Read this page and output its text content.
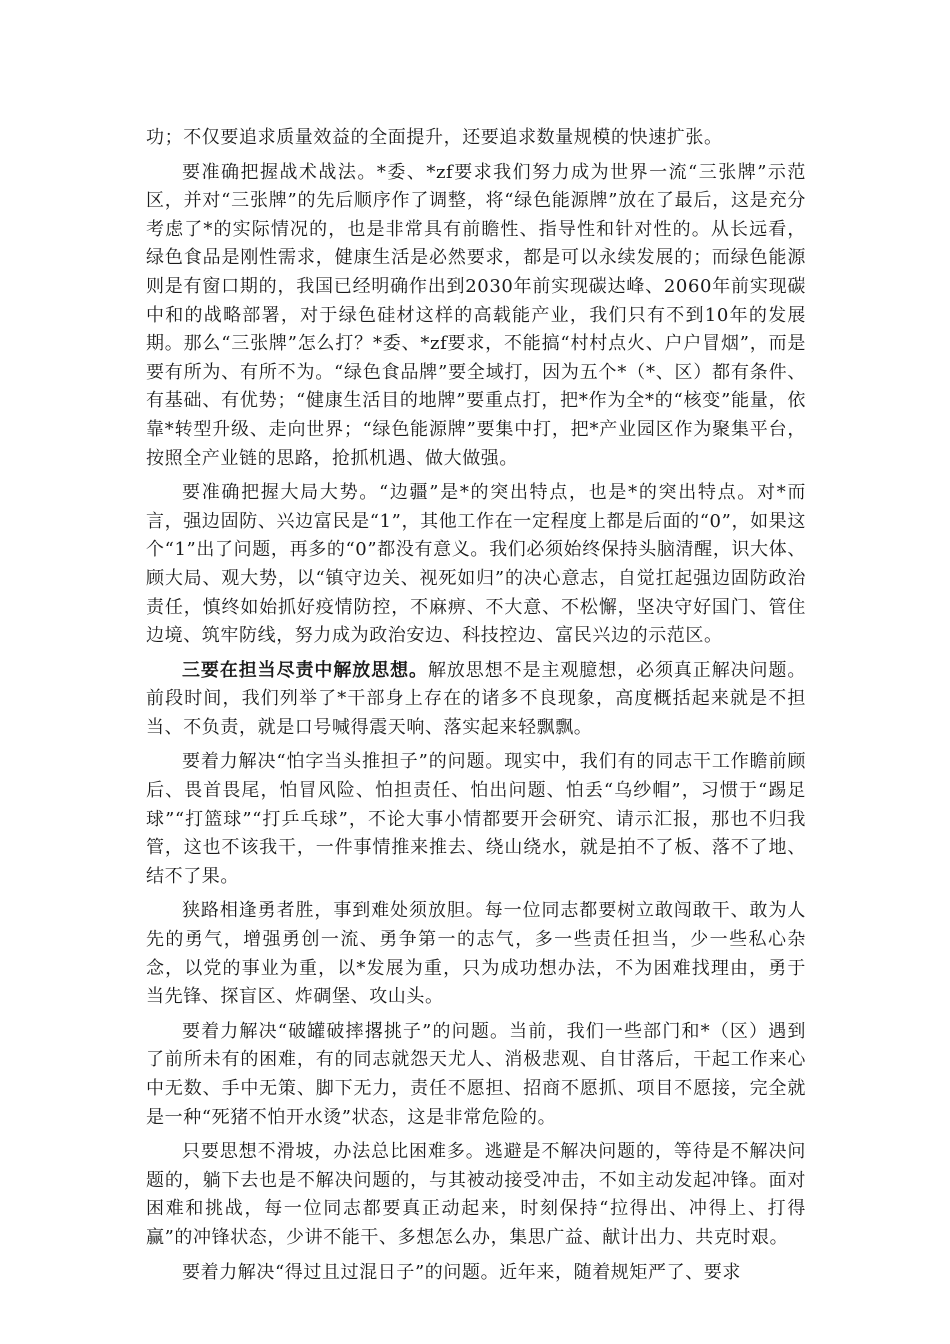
功；不仅要追求质量效益的全面提升，还要追求数量规模的快速扩张。

要准确把握战术战法。*委、*zf要求我们努力成为世界一流“三张牌”示范区，并对“三张牌”的先后顺序作了调整，将“绿色能源牌”放在了最后，这是充分考虑了*的实际情况的，也是非常具有前瞻性、指导性和针对性的。从长远看，绿色食品是刚性需求，健康生活是必然要求，都是可以永续发展的；而绿色能源则是有窗口期的，我国已经明确作出到2030年前实现碳达峰、2060年前实现碳中和的战略部署，对于绿色硅材这样的高载能产业，我们只有不到10年的发展期。那么“三张牌”怎么打？*委、*zf要求，不能搞“村村点火、户户冒烟”，而是要有所为、有所不为。“绿色食品牌”要全域打，因为五个*（*、区）都有条件、有基础、有优势；“健康生活目的地牌”要重点打，把*作为全*的“核变”能量，依靠*转型升级、走向世界；“绿色能源牌”要集中打，把*产业园区作为聚集平台，按照全产业链的思路，抢抓机遇、做大做强。

要准确把握大局大势。“边疆”是*的突出特点，也是*的突出特点。对*而言，强边固防、兴边富民是“1”，其他工作在一定程度上都是后面的“0”，如果这个“1”出了问题，再多的“0”都没有意义。我们必须始终保持头脑清醒，识大体、顾大局、观大势，以“镇守边关、视死如归”的决心意志，自觉扛起强边固防政治责任，慎终如始抓好疫情防控，不麻痹、不大意、不松懈，坚决守好国门、管住边境、筑牢防线，努力成为政治安边、科技控边、富民兴边的示范区。

三要在担当尽责中解放思想。解放思想不是主观臆想，必须真正解决问题。前段时间，我们列举了*干部身上存在的诸多不良现象，高度概括起来就是不担当、不负责，就是口号喊得震天响、落实起来轻飘飘。

要着力解决“怕字当头推担子”的问题。现实中，我们有的同志干工作瞻前顾后、畏首畏尾，怕冒风险、怕担责任、怕出问题、怕丢“乌纱帽”，习惯于“踢足球”“打篮球”“打乒乓球”，不论大事小情都要开会研究、请示汇报，那也不归我管，这也不该我干，一件事情推来推去、绕山绕水，就是拍不了板、落不了地、结不了果。

狭路相逢勇者胜，事到难处须放胆。每一位同志都要树立敢闯敢干、敢为人先的勇气，增强勇创一流、勇争第一的志气，多一些责任担当，少一些私心杂念，以党的事业为重，以*发展为重，只为成功想办法，不为困难找理由，勇于当先锋、探盲区、炸碉堡、攻山头。

要着力解决“破罐破摔撂挑子”的问题。当前，我们一些部门和*（区）遇到了前所未有的困难，有的同志就怨天尤人、消极悲观、自甘落后，干起工作来心中无数、手中无策、脚下无力，责任不愿担、招商不愿抓、项目不愿接，完全就是一种“死猪不怕开水烫”状态，这是非常危险的。

只要思想不滑坡，办法总比困难多。逃避是不解决问题的，等待是不解决问题的，躺下去也是不解决问题的，与其被动接受冲击，不如主动发起冲锋。面对困难和挑战，每一位同志都要真正动起来，时刻保持“拉得出、冲得上、打得赢”的冲锋状态，少讲不能干、多想怎么办，集思广益、献计出力、共克时艰。

要着力解决“得过且过混日子”的问题。近年来，随着规矩严了、要求
